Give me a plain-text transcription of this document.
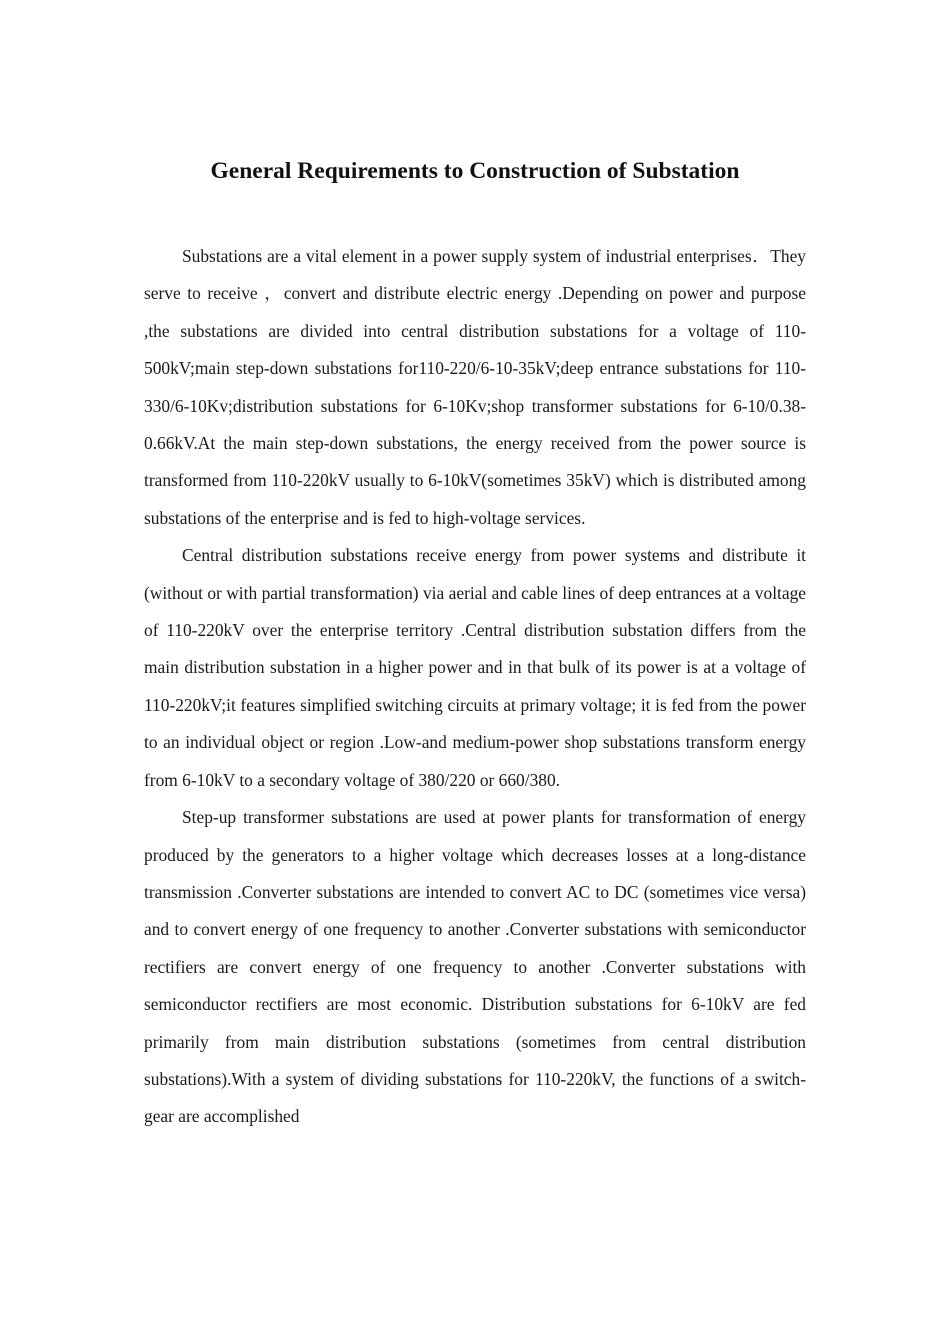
General Requirements to Construction of Substation

Substations are a vital element in a power supply system of industrial enterprises．They serve to receive ，convert and distribute electric energy .Depending on power and purpose ,the substations are divided into central distribution substations for a voltage of 110-500kV;main step-down substations for110-220/6-10-35kV;deep entrance substations for 110-330/6-10Kv;distribution substations for 6-10Kv;shop transformer substations for 6-10/0.38-0.66kV.At the main step-down substations, the energy received from the power source is transformed from 110-220kV usually to 6-10kV(sometimes 35kV) which is distributed among substations of the enterprise and is fed to high-voltage services.

Central distribution substations receive energy from power systems and distribute it (without or with partial transformation) via aerial and cable lines of deep entrances at a voltage of 110-220kV over the enterprise territory .Central distribution substation differs from the main distribution substation in a higher power and in that bulk of its power is at a voltage of 110-220kV;it features simplified switching circuits at primary voltage; it is fed from the power to an individual object or region .Low-and medium-power shop substations transform energy from 6-10kV to a secondary voltage of 380/220 or 660/380.

Step-up transformer substations are used at power plants for transformation of energy produced by the generators to a higher voltage which decreases losses at a long-distance transmission .Converter substations are intended to convert AC to DC (sometimes vice versa) and to convert energy of one frequency to another .Converter substations with semiconductor rectifiers are convert energy of one frequency to another .Converter substations with semiconductor rectifiers are most economic. Distribution substations for 6-10kV are fed primarily from main distribution substations (sometimes from central distribution substations).With a system of dividing substations for 110-220kV, the functions of a switch-gear are accomplished
